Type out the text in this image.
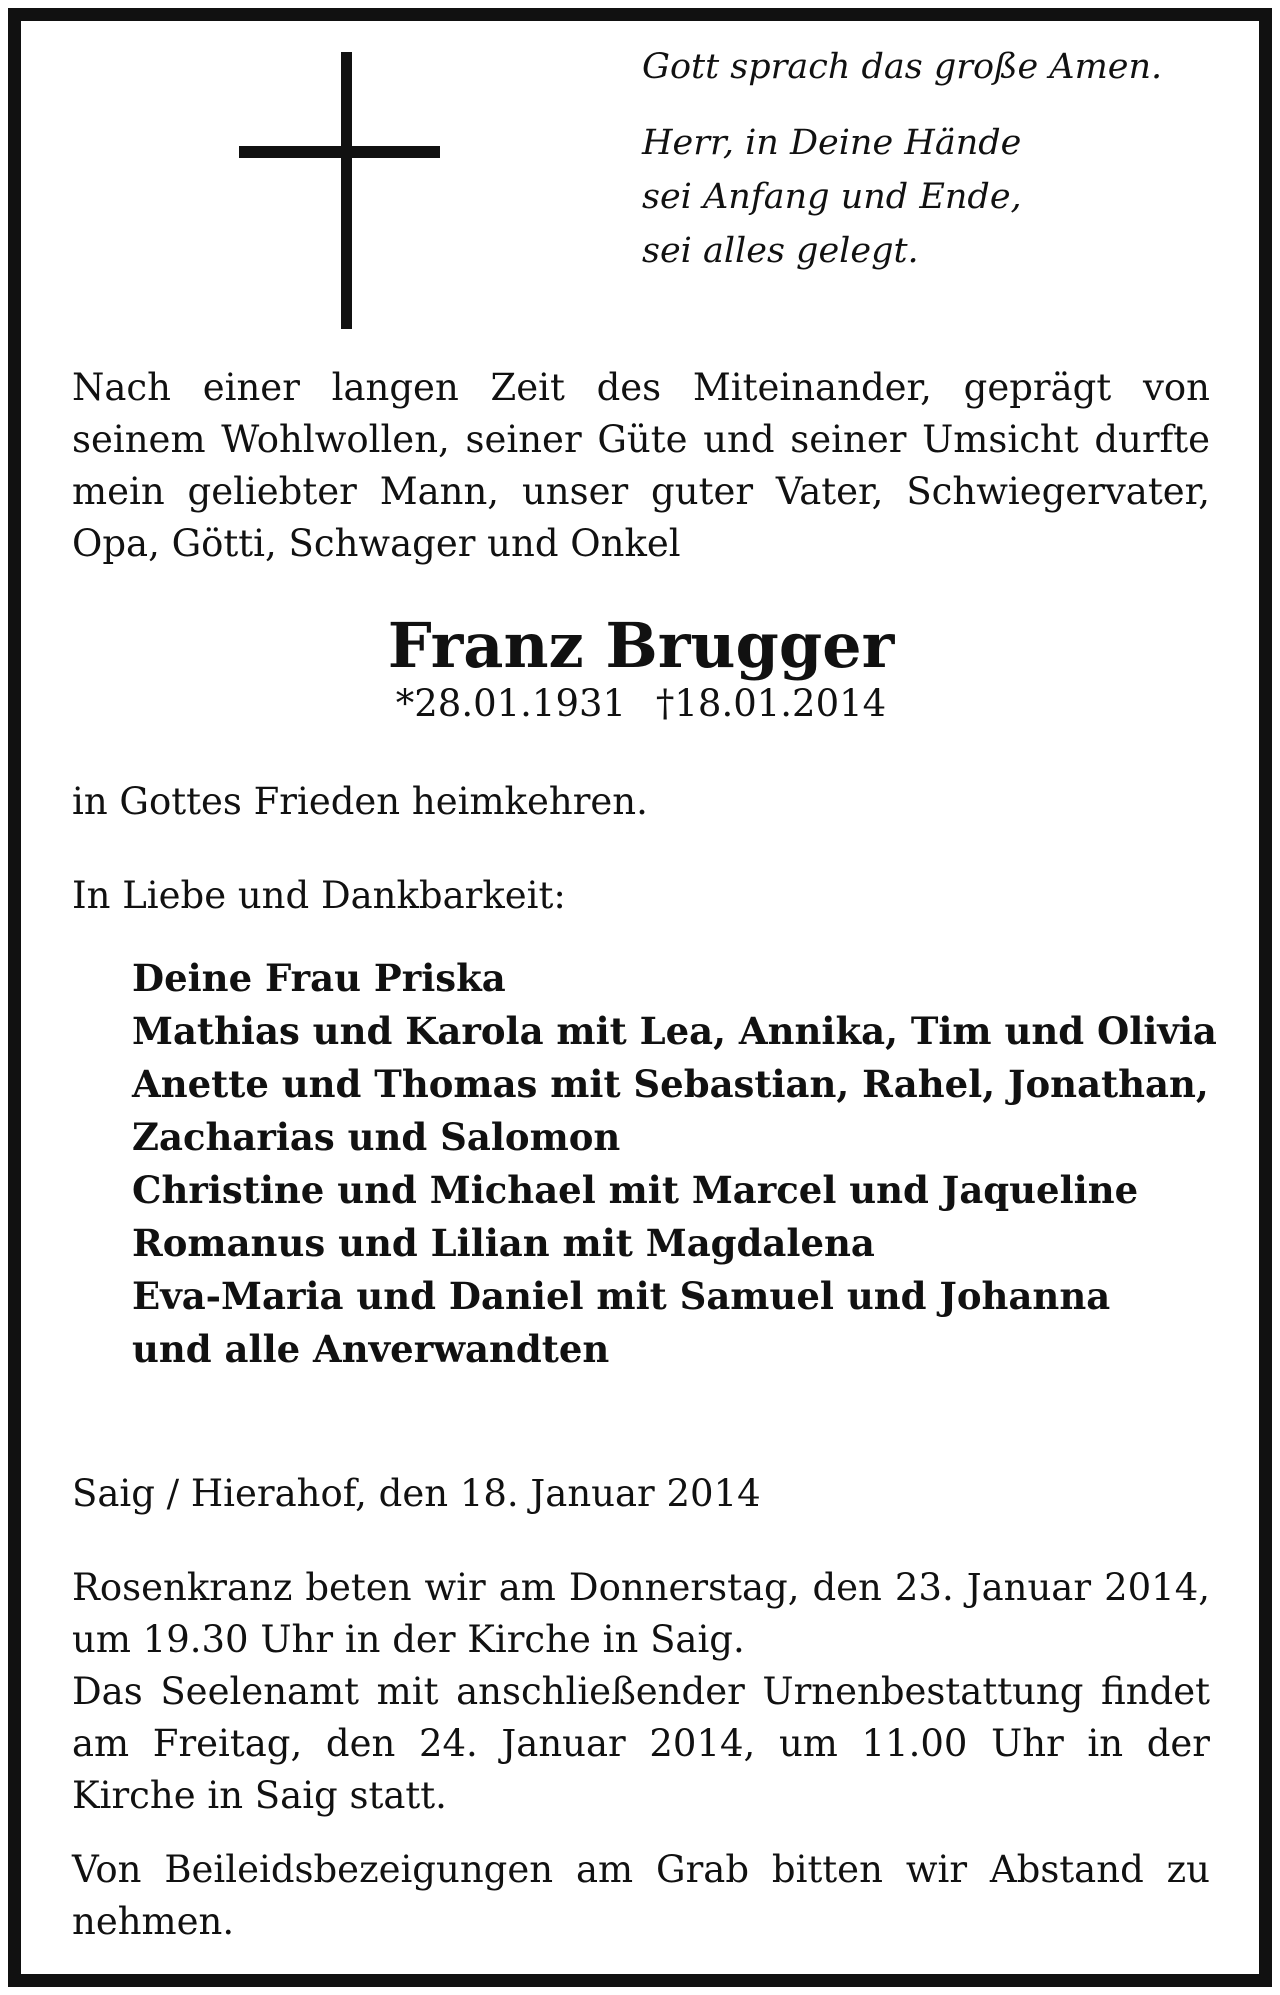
Gott sprach das große Amen.

Herr, in Deine Hände

sei Anfang und Ende,

sei alles gelegt.

Nach einer langen Zeit des Miteinander, geprägt von seinem Wohlwollen, seiner Güte und seiner Umsicht durfte mein geliebter Mann, unser guter Vater, Schwiegervater, Opa, Götti, Schwager und Onkel
Franz Brugger
*28.01.1931 †18.01.2014
in Gottes Frieden heimkehren.
In Liebe und Dankbarkeit:
Deine Frau Priska
Mathias und Karola mit Lea, Annika, Tim und Olivia
Anette und Thomas mit Sebastian, Rahel, Jonathan, Zacharias und Salomon
Christine und Michael mit Marcel und Jaqueline
Romanus und Lilian mit Magdalena
Eva-Maria und Daniel mit Samuel und Johanna
und alle Anverwandten
Saig / Hierahof, den 18. Januar 2014
Rosenkranz beten wir am Donnerstag, den 23. Januar 2014, um 19.30 Uhr in der Kirche in Saig.
Das Seelenamt mit anschließender Urnenbestattung findet am Freitag, den 24. Januar 2014, um 11.00 Uhr in der Kirche in Saig statt.
Von Beileidsbezeigungen am Grab bitten wir Abstand zu nehmen.
